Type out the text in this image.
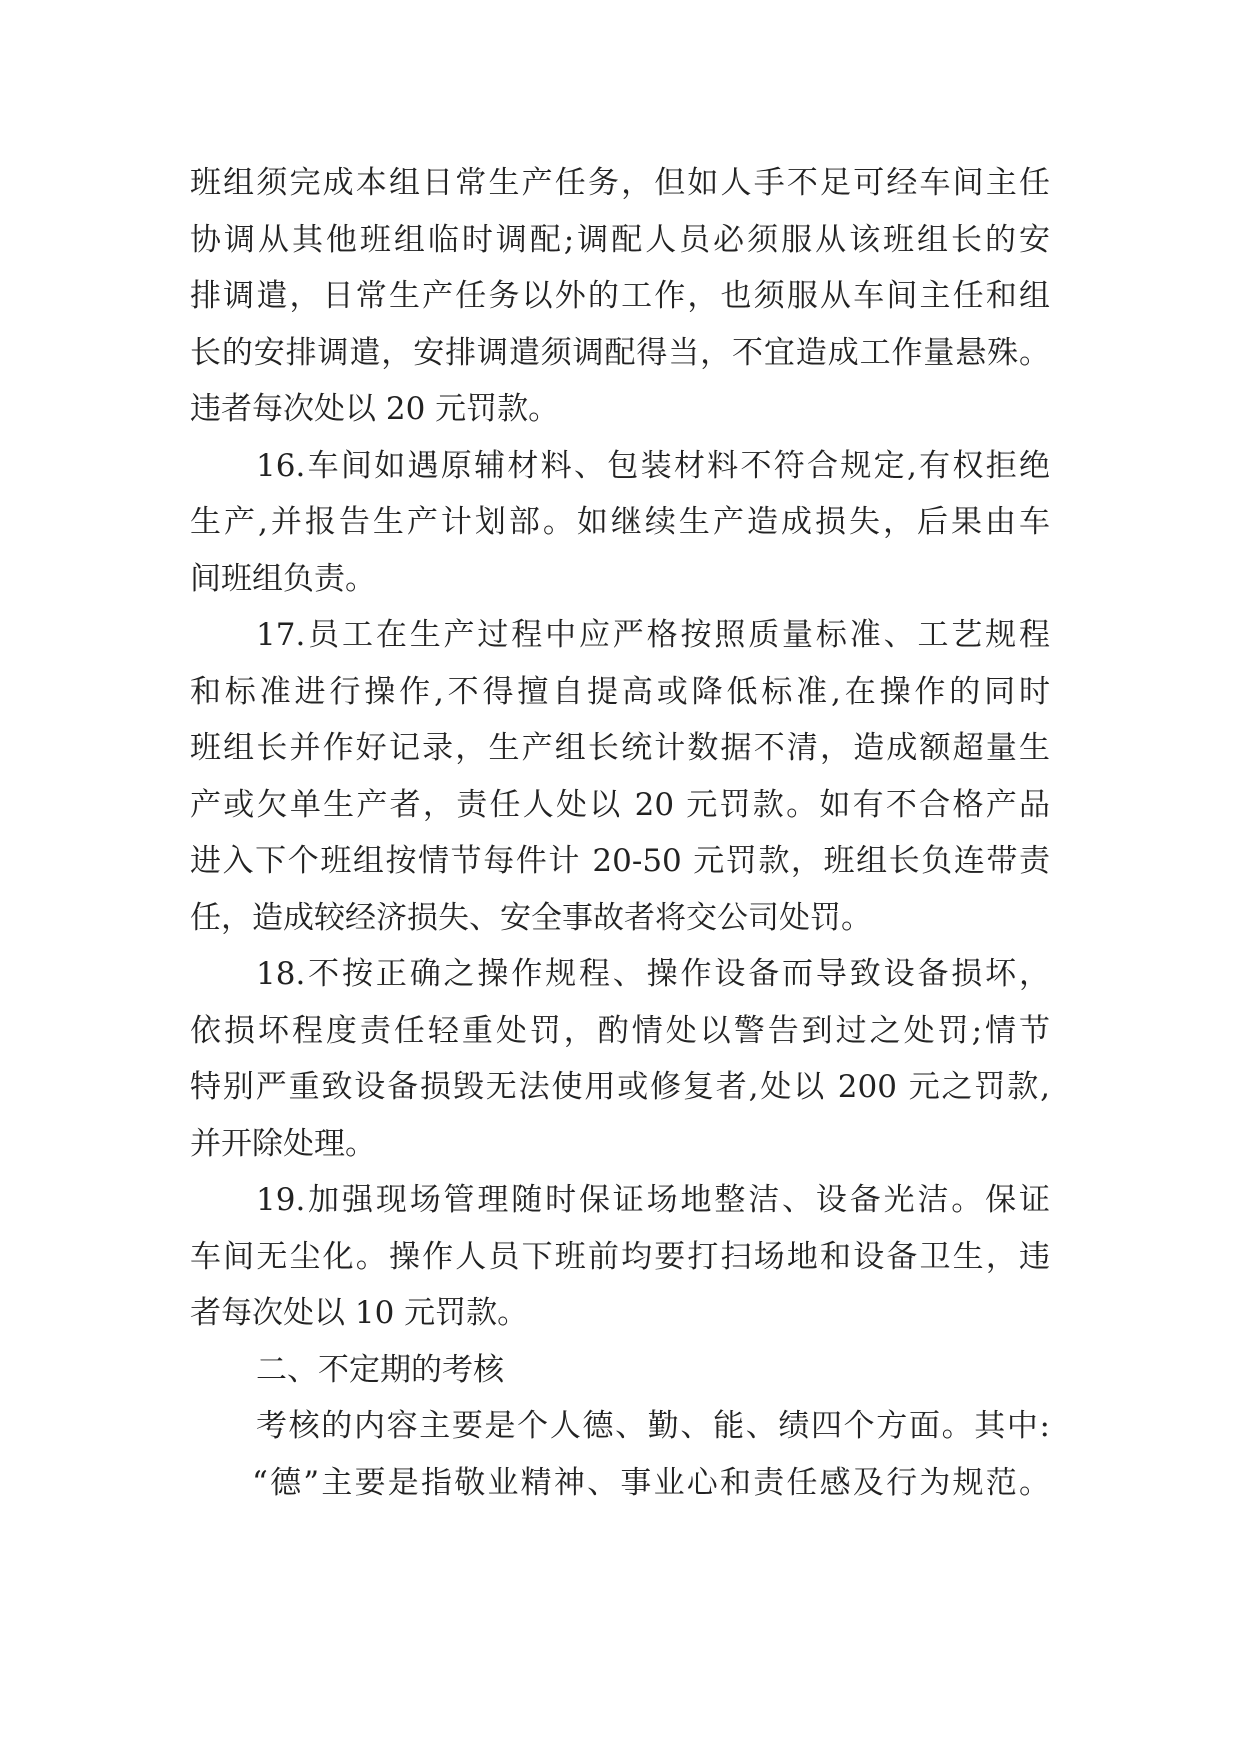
班组须完成本组日常生产任务，但如人手不足可经车间主任
协调从其他班组临时调配;调配人员必须服从该班组长的安
排调遣，日常生产任务以外的工作，也须服从车间主任和组
长的安排调遣，安排调遣须调配得当，不宜造成工作量悬殊。
违者每次处以 20 元罚款。
16.车间如遇原辅材料、包装材料不符合规定,有权拒绝
生产,并报告生产计划部。如继续生产造成损失，后果由车
间班组负责。
17.员工在生产过程中应严格按照质量标准、工艺规程
和标准进行操作,不得擅自提高或降低标准,在操作的同时
班组长并作好记录，生产组长统计数据不清，造成额超量生
产或欠单生产者，责任人处以 20 元罚款。如有不合格产品
进入下个班组按情节每件计 20-50 元罚款，班组长负连带责
任，造成较经济损失、安全事故者将交公司处罚。
18.不按正确之操作规程、操作设备而导致设备损坏，
依损坏程度责任轻重处罚，酌情处以警告到过之处罚;情节
特别严重致设备损毁无法使用或修复者,处以 200 元之罚款,
并开除处理。
19.加强现场管理随时保证场地整洁、设备光洁。保证
车间无尘化。操作人员下班前均要打扫场地和设备卫生，违
者每次处以 10 元罚款。
二、不定期的考核
考核的内容主要是个人德、勤、能、绩四个方面。其中:
“德”主要是指敬业精神、事业心和责任感及行为规范。
